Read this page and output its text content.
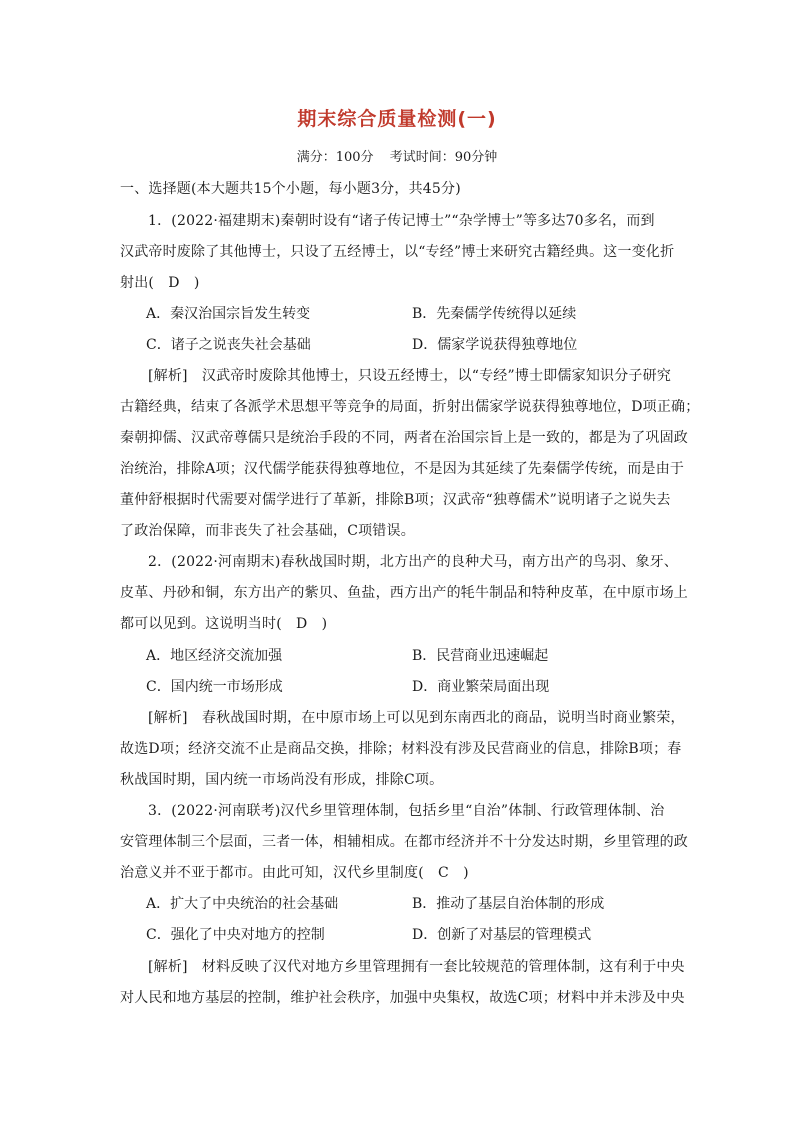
期末综合质量检测(一)
满分：100分 考试时间：90分钟
一、选择题(本大题共15个小题，每小题3分，共45分)
1．(2022·福建期末)秦朝时设有“诸子传记博士”“杂学博士”等多达70多名，而到
汉武帝时废除了其他博士，只设了五经博士，以“专经”博士来研究古籍经典。这一变化折
射出(　D　)
A．秦汉治国宗旨发生转变	B．先秦儒学传统得以延续
C．诸子之说丧失社会基础	D．儒家学说获得独尊地位
[解析]　汉武帝时废除其他博士，只设五经博士，以“专经”博士即儒家知识分子研究
古籍经典，结束了各派学术思想平等竞争的局面，折射出儒家学说获得独尊地位，D项正确；
秦朝抑儒、汉武帝尊儒只是统治手段的不同，两者在治国宗旨上是一致的，都是为了巩固政
治统治，排除A项；汉代儒学能获得独尊地位，不是因为其延续了先秦儒学传统，而是由于
董仲舒根据时代需要对儒学进行了革新，排除B项；汉武帝“独尊儒术”说明诸子之说失去
了政治保障，而非丧失了社会基础，C项错误。
2．(2022·河南期末)春秋战国时期，北方出产的良种犬马，南方出产的鸟羽、象牙、
皮革、丹砂和铜，东方出产的紫贝、鱼盐，西方出产的牦牛制品和特种皮革，在中原市场上
都可以见到。这说明当时(　D　)
A．地区经济交流加强	B．民营商业迅速崛起
C．国内统一市场形成	D．商业繁荣局面出现
[解析]　春秋战国时期，在中原市场上可以见到东南西北的商品，说明当时商业繁荣，
故选D项；经济交流不止是商品交换，排除；材料没有涉及民营商业的信息，排除B项；春
秋战国时期，国内统一市场尚没有形成，排除C项。
3．(2022·河南联考)汉代乡里管理体制，包括乡里“自治”体制、行政管理体制、治
安管理体制三个层面，三者一体，相辅相成。在都市经济并不十分发达时期，乡里管理的政
治意义并不亚于都市。由此可知，汉代乡里制度(　C　)
A．扩大了中央统治的社会基础	B．推动了基层自治体制的形成
C．强化了中央对地方的控制	D．创新了对基层的管理模式
[解析]　材料反映了汉代对地方乡里管理拥有一套比较规范的管理体制，这有利于中央
对人民和地方基层的控制，维护社会秩序，加强中央集权，故选C项；材料中并未涉及中央
